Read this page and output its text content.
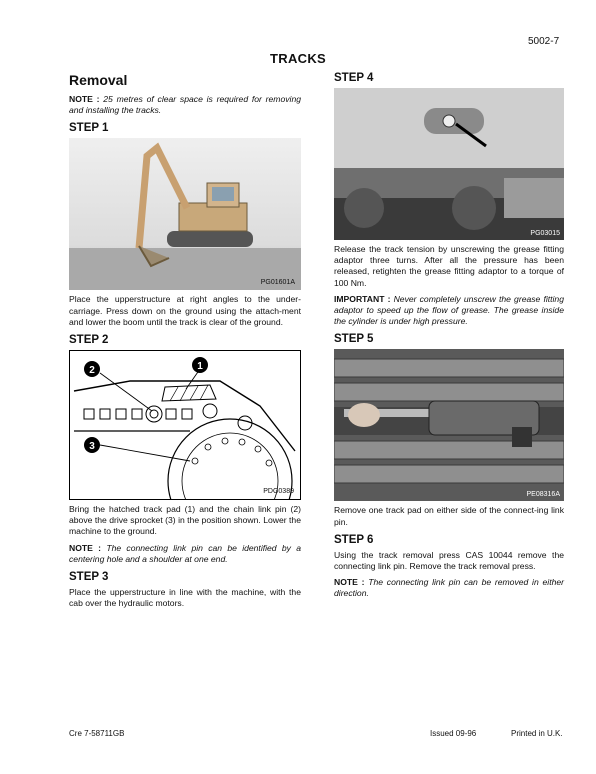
5002-7
TRACKS
Removal

NOTE : 25 metres of clear space is required for removing and installing the tracks.

STEP 1
PG01601A

Place the upperstructure at right angles to the under-carriage. Press down on the ground using the attach-ment and lower the boom until the track is clear of the ground.

STEP 2
2	1
3
PDG0389

Bring the hatched track pad (1) and the chain link pin (2) above the drive sprocket (3) in the position shown. Lower the machine to the ground.

NOTE : The connecting link pin can be identified by a centering hole and a shoulder at one end.

STEP 3

Place the upperstructure in line with the machine, with the cab over the hydraulic motors.

STEP 4
PG03015

Release the track tension by unscrewing the grease fitting adaptor three turns. After all the pressure has been released, retighten the grease fitting adaptor to a torque of 100 Nm.

IMPORTANT : Never completely unscrew the grease fitting adaptor to speed up the flow of grease. The grease inside the cylinder is under high pressure.

STEP 5
PE08316A

Remove one track pad on either side of the connect-ing link pin.

STEP 6

Using the track removal press CAS 10044 remove the connecting link pin. Remove the track removal press.

NOTE : The connecting link pin can be removed in either direction.

Cre 7-58711GB	Issued 09-96	Printed in U.K.
